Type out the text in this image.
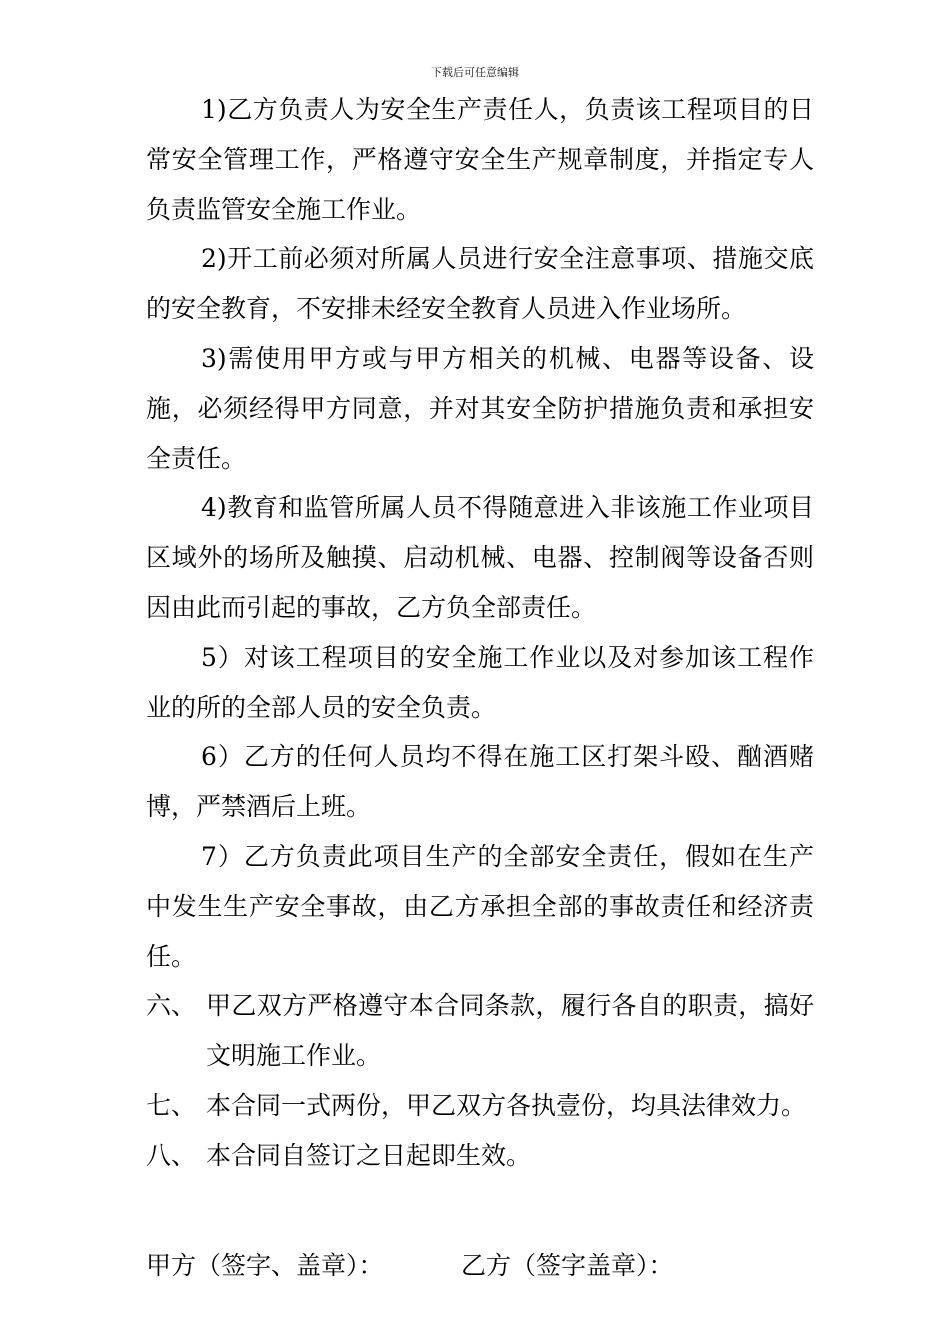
下载后可任意编辑

1)乙方负责人为安全生产责任人，负责该工程项目的日常安全管理工作，严格遵守安全生产规章制度，并指定专人负责监管安全施工作业。

2)开工前必须对所属人员进行安全注意事项、措施交底的安全教育，不安排未经安全教育人员进入作业场所。

3)需使用甲方或与甲方相关的机械、电器等设备、设施，必须经得甲方同意，并对其安全防护措施负责和承担安全责任。

4)教育和监管所属人员不得随意进入非该施工作业项目区域外的场所及触摸、启动机械、电器、控制阀等设备否则因由此而引起的事故，乙方负全部责任。

5）对该工程项目的安全施工作业以及对参加该工程作业的所的全部人员的安全负责。

6）乙方的任何人员均不得在施工区打架斗殴、酗酒赌博，严禁酒后上班。

7）乙方负责此项目生产的全部安全责任，假如在生产中发生生产安全事故，由乙方承担全部的事故责任和经济责任。

六、 甲乙双方严格遵守本合同条款，履行各自的职责，搞好文明施工作业。
七、 本合同一式两份，甲乙双方各执壹份，均具法律效力。
八、 本合同自签订之日起即生效。
甲方（签字、盖章）：	乙方（签字盖章）：
